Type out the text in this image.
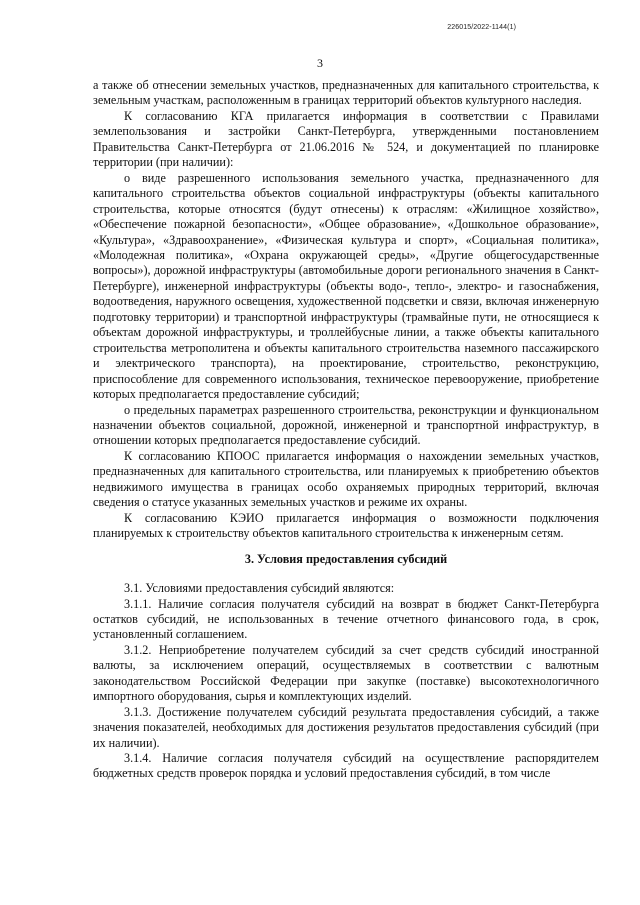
226015/2022-1144(1)
3

а также об отнесении земельных участков, предназначенных для капитального строительства, к земельным участкам, расположенным в границах территорий объектов культурного наследия.

К согласованию КГА прилагается информация в соответствии с Правилами землепользования и застройки Санкт-Петербурга, утвержденными постановлением Правительства Санкт-Петербурга от 21.06.2016 № 524, и документацией по планировке территории (при наличии):

о виде разрешенного использования земельного участка, предназначенного для капитального строительства объектов социальной инфраструктуры (объекты капитального строительства, которые относятся (будут отнесены) к отраслям: «Жилищное хозяйство», «Обеспечение пожарной безопасности», «Общее образование», «Дошкольное образование», «Культура», «Здравоохранение», «Физическая культура и спорт», «Социальная политика», «Молодежная политика», «Охрана окружающей среды», «Другие общегосударственные вопросы»), дорожной инфраструктуры (автомобильные дороги регионального значения в Санкт-Петербурге), инженерной инфраструктуры (объекты водо-, тепло-, электро- и газоснабжения, водоотведения, наружного освещения, художественной подсветки и связи, включая инженерную подготовку территории) и транспортной инфраструктуры (трамвайные пути, не относящиеся к объектам дорожной инфраструктуры, и троллейбусные линии, а также объекты капитального строительства метрополитена и объекты капитального строительства наземного пассажирского и электрического транспорта), на проектирование, строительство, реконструкцию, приспособление для современного использования, техническое перевооружение, приобретение которых предполагается предоставление субсидий;

о предельных параметрах разрешенного строительства, реконструкции и функциональном назначении объектов социальной, дорожной, инженерной и транспортной инфраструктур, в отношении которых предполагается предоставление субсидий.

К согласованию КПООС прилагается информация о нахождении земельных участков, предназначенных для капитального строительства, или планируемых к приобретению объектов недвижимого имущества в границах особо охраняемых природных территорий, включая сведения о статусе указанных земельных участков и режиме их охраны.

К согласованию КЭИО прилагается информация о возможности подключения планируемых к строительству объектов капитального строительства к инженерным сетям.

3. Условия предоставления субсидий

3.1. Условиями предоставления субсидий являются:

3.1.1. Наличие согласия получателя субсидий на возврат в бюджет Санкт-Петербурга остатков субсидий, не использованных в течение отчетного финансового года, в срок, установленный соглашением.

3.1.2. Неприобретение получателем субсидий за счет средств субсидий иностранной валюты, за исключением операций, осуществляемых в соответствии с валютным законодательством Российской Федерации при закупке (поставке) высокотехнологичного импортного оборудования, сырья и комплектующих изделий.

3.1.3. Достижение получателем субсидий результата предоставления субсидий, а также значения показателей, необходимых для достижения результатов предоставления субсидий (при их наличии).

3.1.4. Наличие согласия получателя субсидий на осуществление распорядителем бюджетных средств проверок порядка и условий предоставления субсидий, в том числе
